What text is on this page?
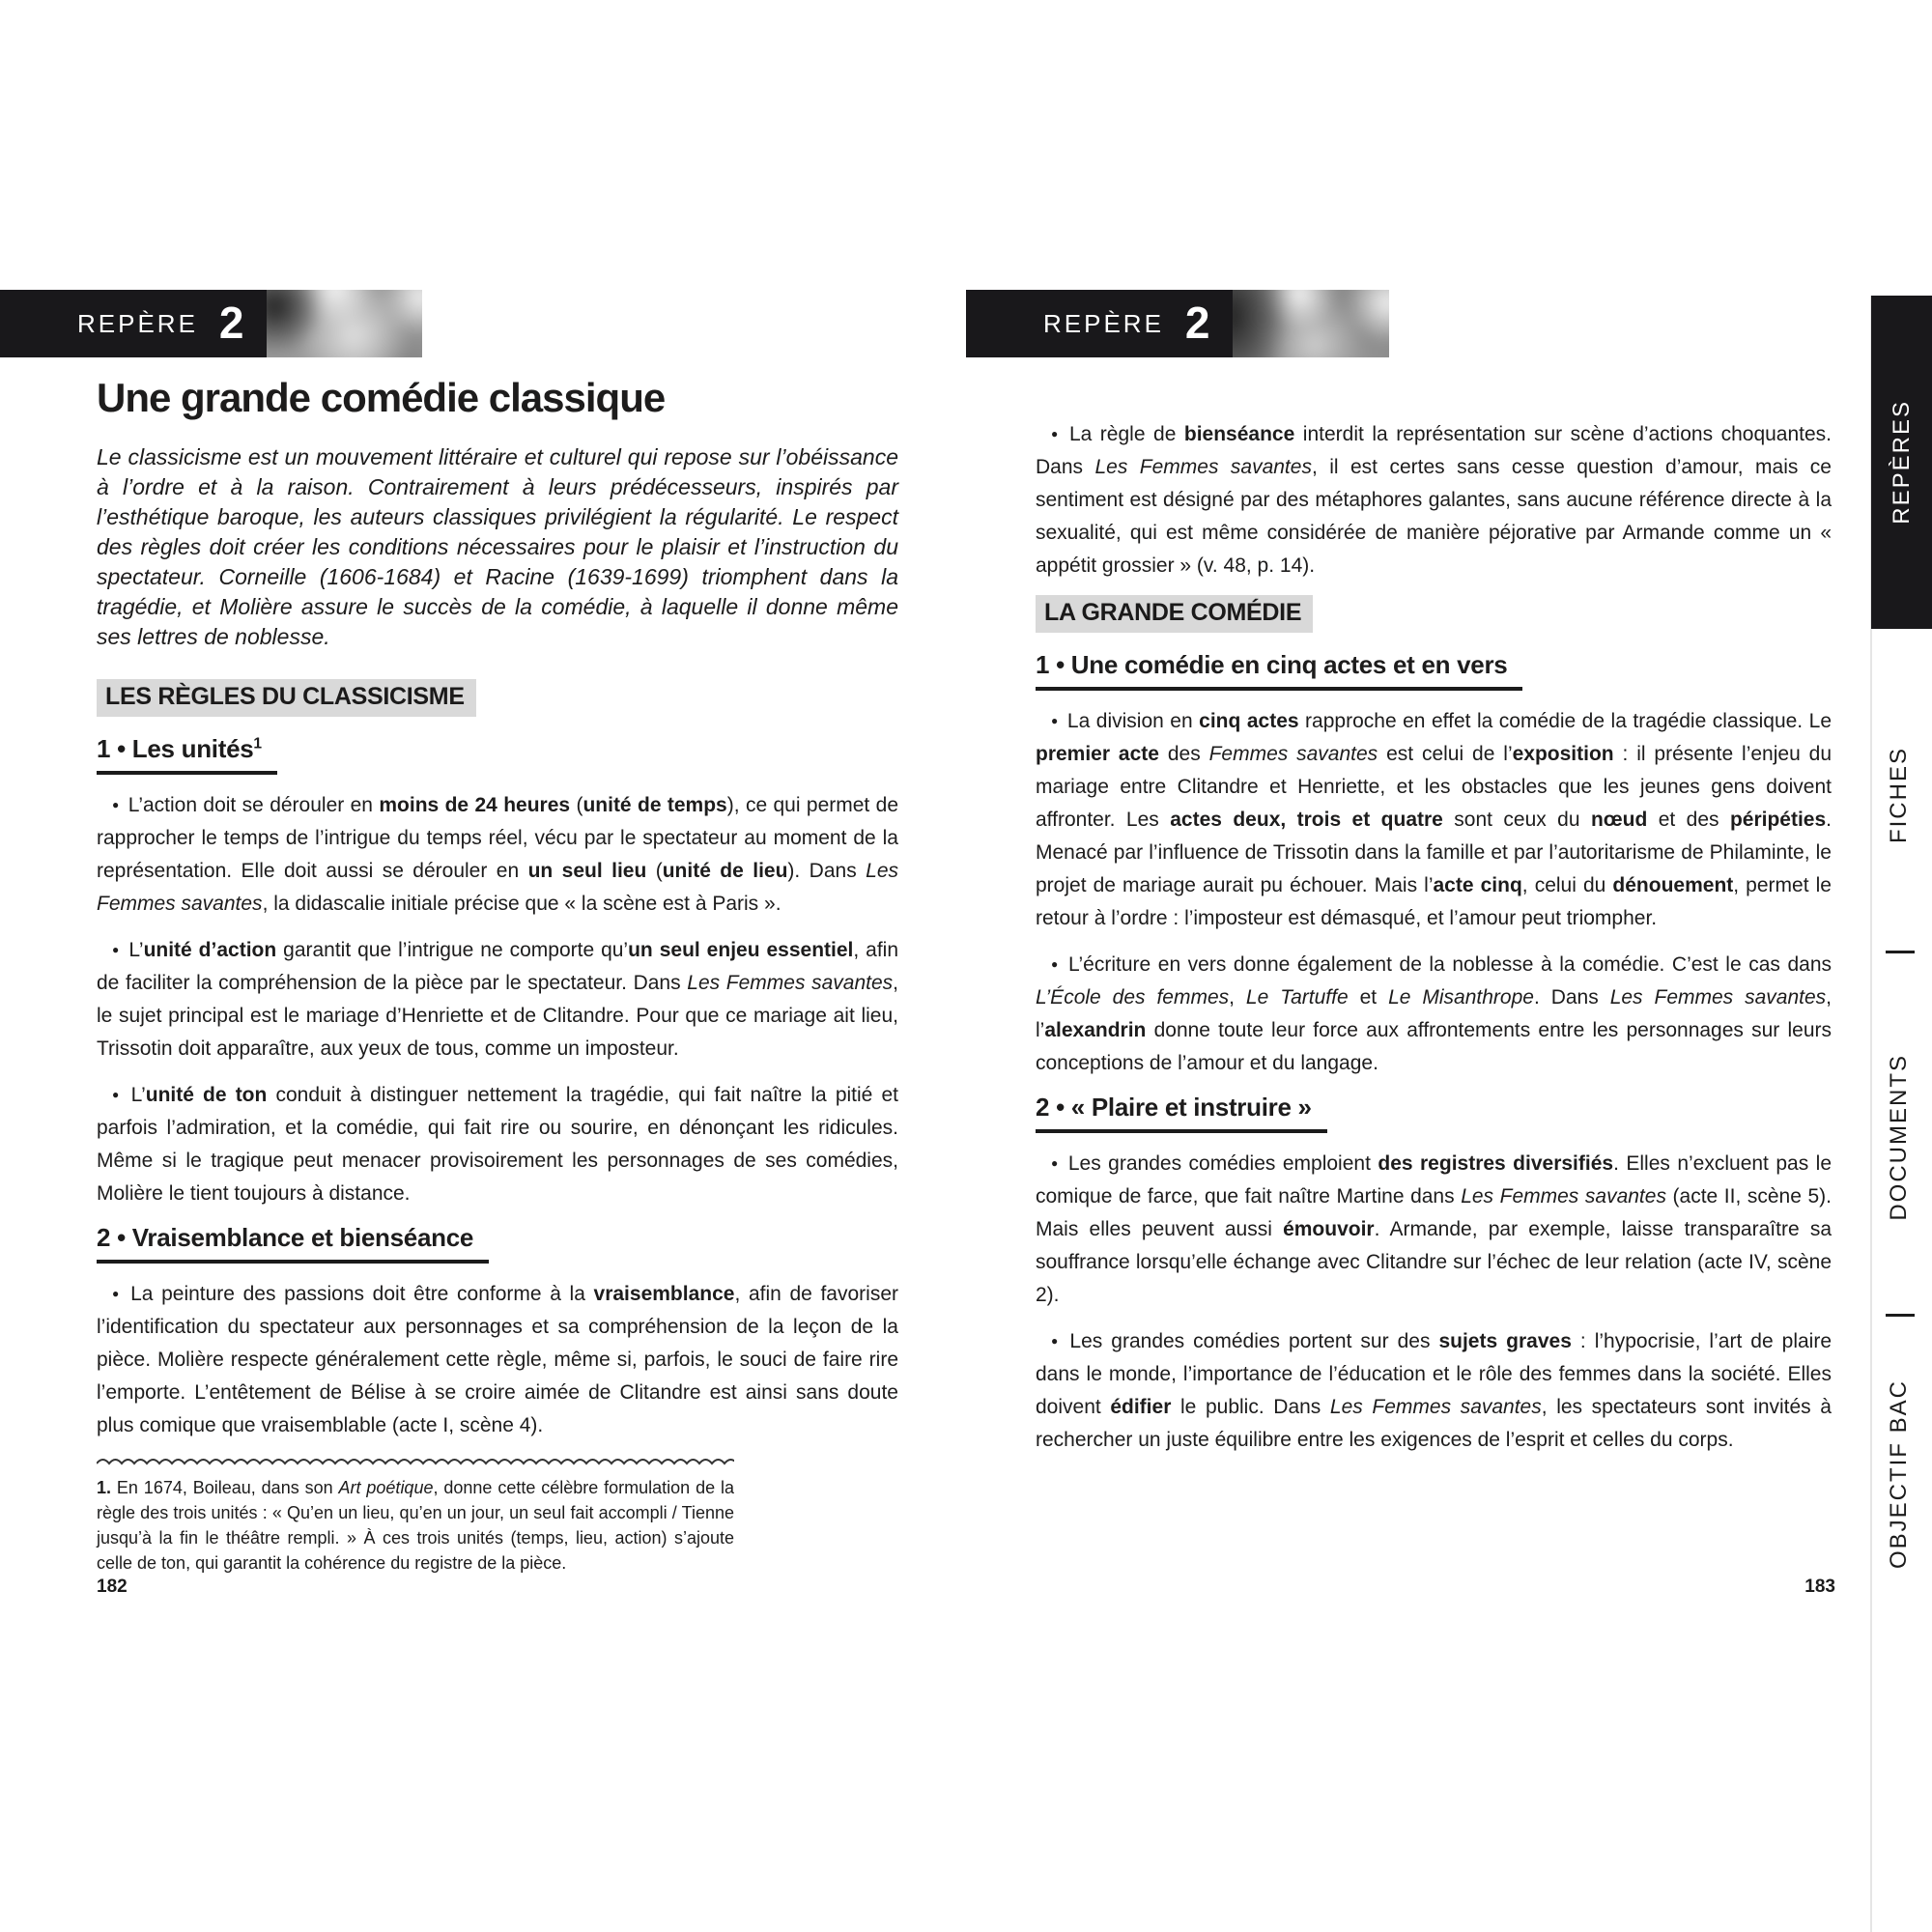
REPÈRE 2
Une grande comédie classique

Le classicisme est un mouvement littéraire et culturel qui repose sur l’obéissance à l’ordre et à la raison. Contrairement à leurs prédécesseurs, inspirés par l’esthétique baroque, les auteurs classiques privilégient la régularité. Le respect des règles doit créer les conditions nécessaires pour le plaisir et l’instruction du spectateur. Corneille (1606-1684) et Racine (1639-1699) triomphent dans la tragédie, et Molière assure le succès de la comédie, à laquelle il donne même ses lettres de noblesse.

LES RÈGLES DU CLASSICISME
1 • Les unités$^1$

● L’action doit se dérouler en moins de 24 heures (unité de temps), ce qui permet de rapprocher le temps de l’intrigue du temps réel, vécu par le spectateur au moment de la représentation. Elle doit aussi se dérouler en un seul lieu (unité de lieu). Dans Les Femmes savantes, la didascalie initiale précise que « la scène est à Paris ».

● L’unité d’action garantit que l’intrigue ne comporte qu’un seul enjeu essentiel, afin de faciliter la compréhension de la pièce par le spectateur. Dans Les Femmes savantes, le sujet principal est le mariage d’Henriette et de Clitandre. Pour que ce mariage ait lieu, Trissotin doit apparaître, aux yeux de tous, comme un imposteur.

● L’unité de ton conduit à distinguer nettement la tragédie, qui fait naître la pitié et parfois l’admiration, et la comédie, qui fait rire ou sourire, en dénonçant les ridicules. Même si le tragique peut menacer provisoirement les personnages de ses comédies, Molière le tient toujours à distance.

2 • Vraisemblance et bienséance

● La peinture des passions doit être conforme à la vraisemblance, afin de favoriser l’identification du spectateur aux personnages et sa compréhension de la leçon de la pièce. Molière respecte généralement cette règle, même si, parfois, le souci de faire rire l’emporte. L’entêtement de Bélise à se croire aimée de Clitandre est ainsi sans doute plus comique que vraisemblable (acte I, scène 4).

1. En 1674, Boileau, dans son Art poétique, donne cette célèbre formulation de la règle des trois unités : « Qu’en un lieu, qu’en un jour, un seul fait accompli / Tienne jusqu’à la fin le théâtre rempli. » À ces trois unités (temps, lieu, action) s’ajoute celle de ton, qui garantit la cohérence du registre de la pièce.

182
REPÈRE 2

● La règle de bienséance interdit la représentation sur scène d’actions choquantes. Dans Les Femmes savantes, il est certes sans cesse question d’amour, mais ce sentiment est désigné par des métaphores galantes, sans aucune référence directe à la sexualité, qui est même considérée de manière péjorative par Armande comme un « appétit grossier » (v. 48, p. 14).

LA GRANDE COMÉDIE
1 • Une comédie en cinq actes et en vers

● La division en cinq actes rapproche en effet la comédie de la tragédie classique. Le premier acte des Femmes savantes est celui de l’exposition : il présente l’enjeu du mariage entre Clitandre et Henriette, et les obstacles que les jeunes gens doivent affronter. Les actes deux, trois et quatre sont ceux du nœud et des péripéties. Menacé par l’influence de Trissotin dans la famille et par l’autoritarisme de Philaminte, le projet de mariage aurait pu échouer. Mais l’acte cinq, celui du dénouement, permet le retour à l’ordre : l’imposteur est démasqué, et l’amour peut triompher.

● L’écriture en vers donne également de la noblesse à la comédie. C’est le cas dans L’École des femmes, Le Tartuffe et Le Misanthrope. Dans Les Femmes savantes, l’alexandrin donne toute leur force aux affrontements entre les personnages sur leurs conceptions de l’amour et du langage.

2 • « Plaire et instruire »

● Les grandes comédies emploient des registres diversifiés. Elles n’excluent pas le comique de farce, que fait naître Martine dans Les Femmes savantes (acte II, scène 5). Mais elles peuvent aussi émouvoir. Armande, par exemple, laisse transparaître sa souffrance lorsqu’elle échange avec Clitandre sur l’échec de leur relation (acte IV, scène 2).

● Les grandes comédies portent sur des sujets graves : l’hypocrisie, l’art de plaire dans le monde, l’importance de l’éducation et le rôle des femmes dans la société. Elles doivent édifier le public. Dans Les Femmes savantes, les spectateurs sont invités à rechercher un juste équilibre entre les exigences de l’esprit et celles du corps.

183
REPÈRES
FICHES
DOCUMENTS
OBJECTIF BAC
